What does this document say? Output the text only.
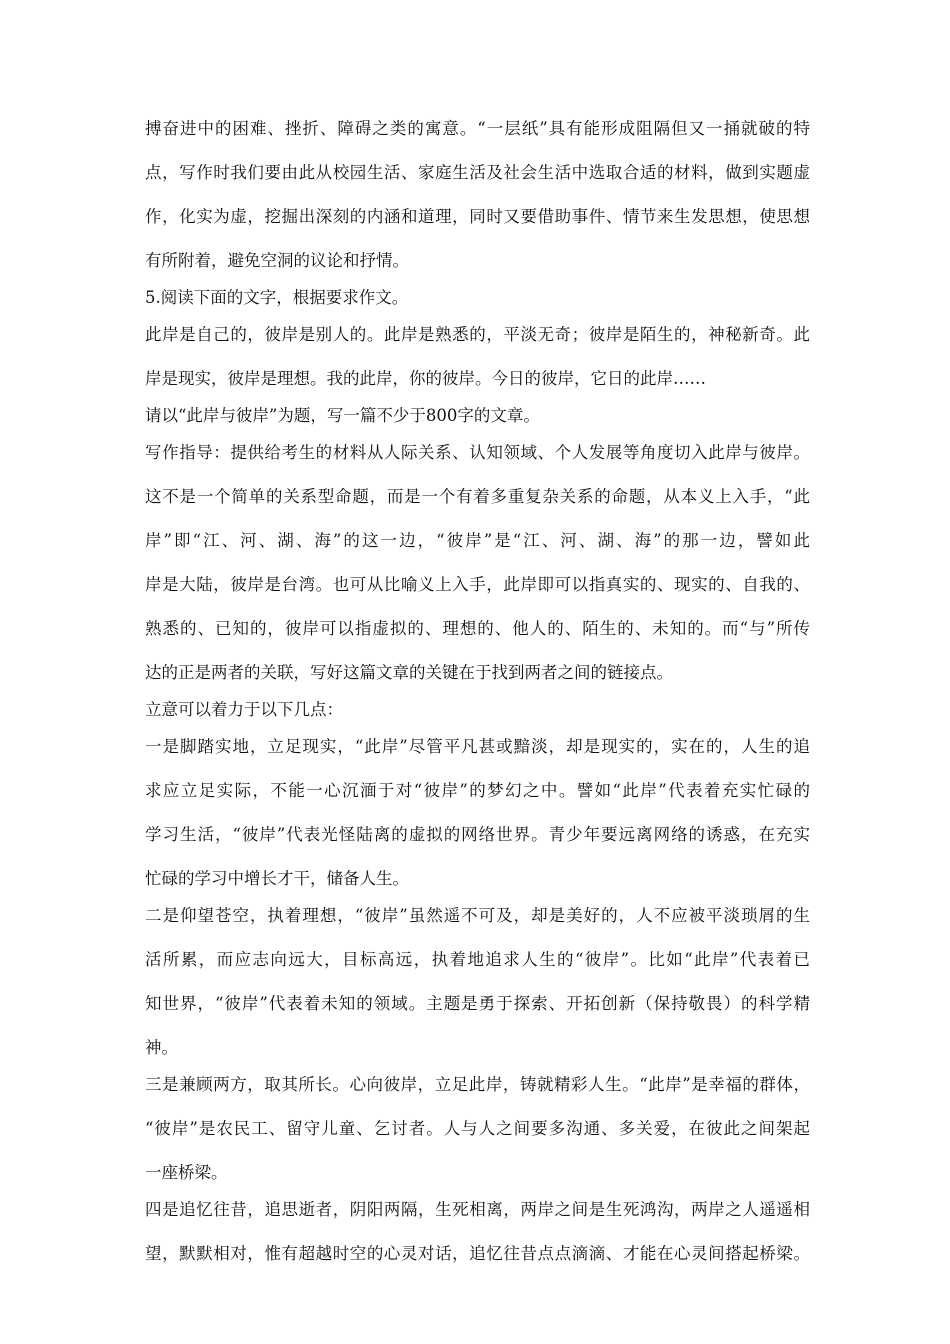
搏奋进中的困难、挫折、障碍之类的寓意。“一层纸”具有能形成阻隔但又一捅就破的特
点，写作时我们要由此从校园生活、家庭生活及社会生活中选取合适的材料，做到实题虚
作，化实为虚，挖掘出深刻的内涵和道理，同时又要借助事件、情节来生发思想，使思想
有所附着，避免空洞的议论和抒情。
5.阅读下面的文字，根据要求作文。
此岸是自己的，彼岸是别人的。此岸是熟悉的，平淡无奇；彼岸是陌生的，神秘新奇。此
岸是现实，彼岸是理想。我的此岸，你的彼岸。今日的彼岸，它日的此岸……
请以“此岸与彼岸”为题，写一篇不少于800字的文章。
写作指导：提供给考生的材料从人际关系、认知领域、个人发展等角度切入此岸与彼岸。
这不是一个简单的关系型命题，而是一个有着多重复杂关系的命题，从本义上入手，“此
岸”即“江、河、湖、海”的这一边，“彼岸”是“江、河、湖、海”的那一边，譬如此
岸是大陆，彼岸是台湾。也可从比喻义上入手，此岸即可以指真实的、现实的、自我的、
熟悉的、已知的，彼岸可以指虚拟的、理想的、他人的、陌生的、未知的。而“与”所传
达的正是两者的关联，写好这篇文章的关键在于找到两者之间的链接点。
立意可以着力于以下几点：
一是脚踏实地，立足现实，“此岸”尽管平凡甚或黯淡，却是现实的，实在的，人生的追
求应立足实际，不能一心沉湎于对“彼岸”的梦幻之中。譬如“此岸”代表着充实忙碌的
学习生活，“彼岸”代表光怪陆离的虚拟的网络世界。青少年要远离网络的诱惑，在充实
忙碌的学习中增长才干，储备人生。
二是仰望苍空，执着理想，“彼岸”虽然遥不可及，却是美好的，人不应被平淡琐屑的生
活所累，而应志向远大，目标高远，执着地追求人生的“彼岸”。比如“此岸”代表着已
知世界，“彼岸”代表着未知的领域。主题是勇于探索、开拓创新（保持敬畏）的科学精
神。
三是兼顾两方，取其所长。心向彼岸，立足此岸，铸就精彩人生。“此岸”是幸福的群体，
“彼岸”是农民工、留守儿童、乞讨者。人与人之间要多沟通、多关爱，在彼此之间架起
一座桥梁。
四是追忆往昔，追思逝者，阴阳两隔，生死相离，两岸之间是生死鸿沟，两岸之人遥遥相
望，默默相对，惟有超越时空的心灵对话，追忆往昔点点滴滴、才能在心灵间搭起桥梁。
